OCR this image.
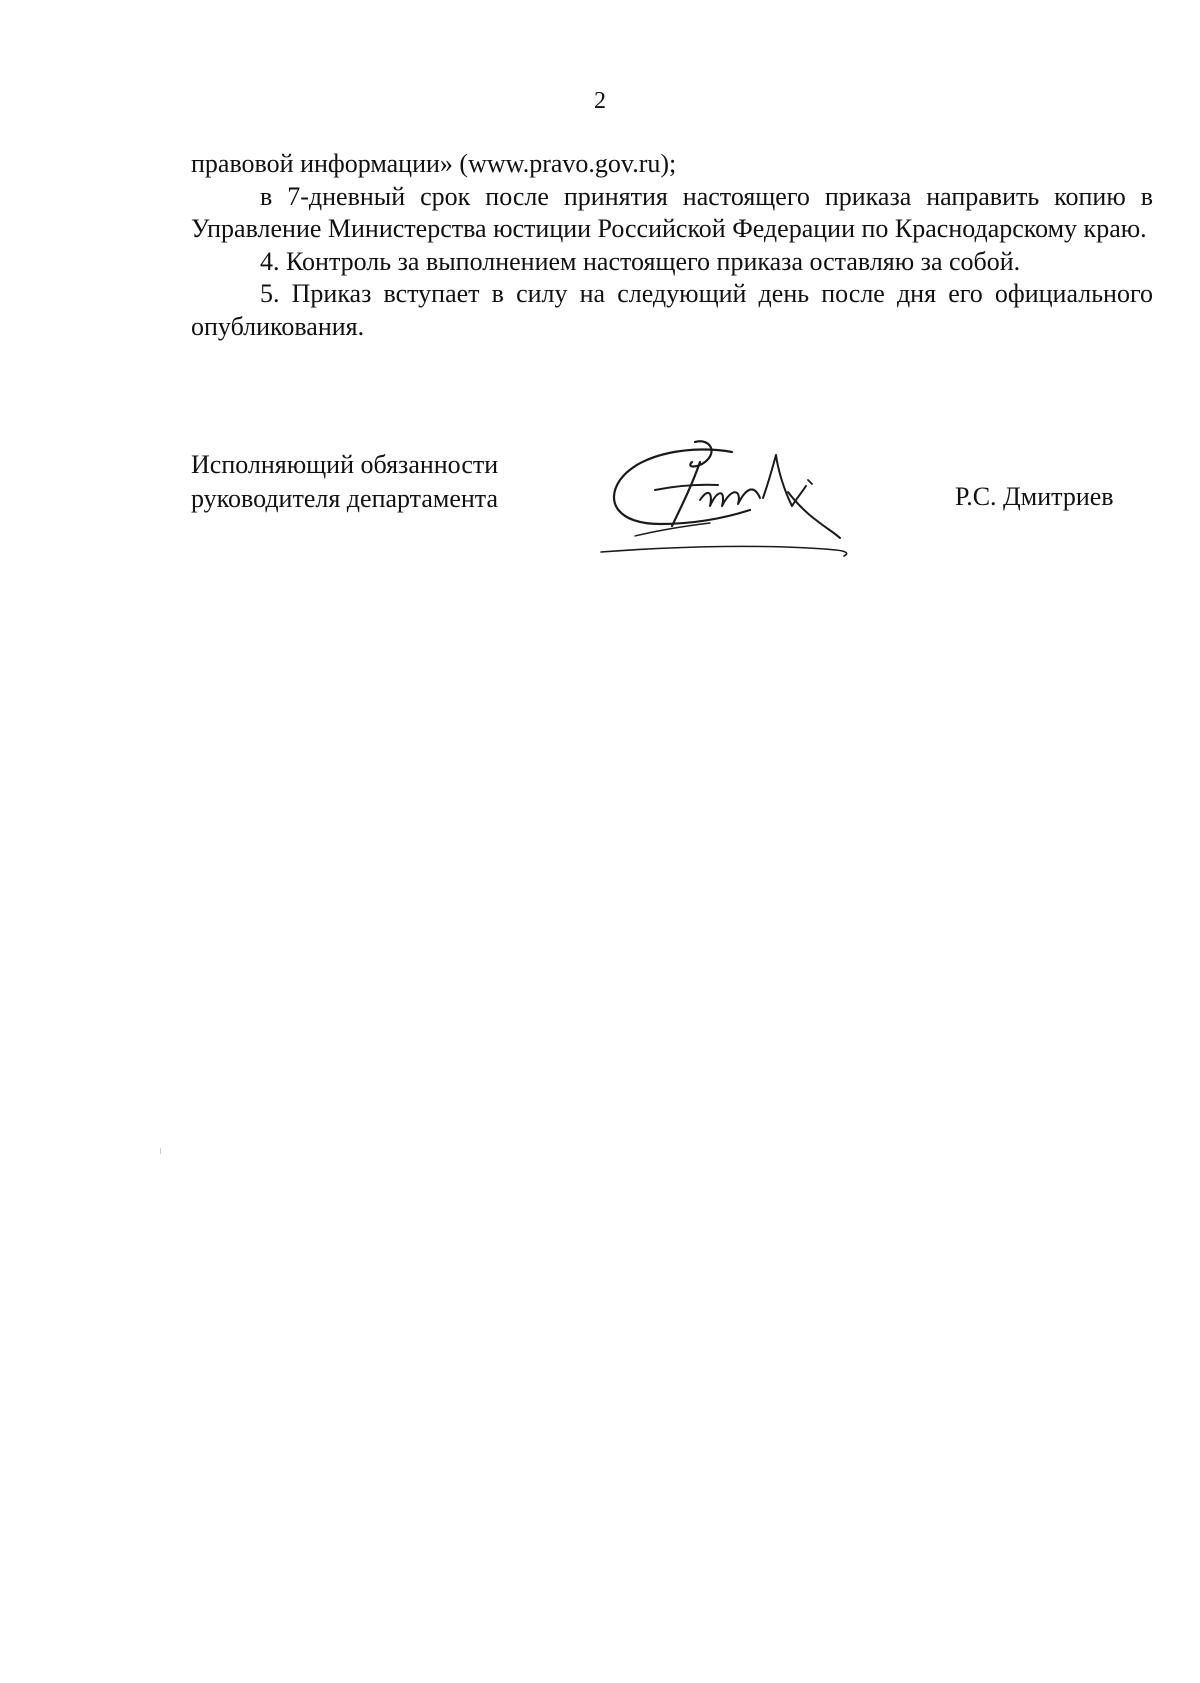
2

правовой информации» (www.pravo.gov.ru);

в 7-дневный срок после принятия настоящего приказа направить копию в Управление Министерства юстиции Российской Федерации по Краснодарскому краю.

4. Контроль за выполнением настоящего приказа оставляю за собой.

5. Приказ вступает в силу на следующий день после дня его официального опубликования.

Исполняющий обязанности
руководителя департамента	Р.С. Дмитриев
